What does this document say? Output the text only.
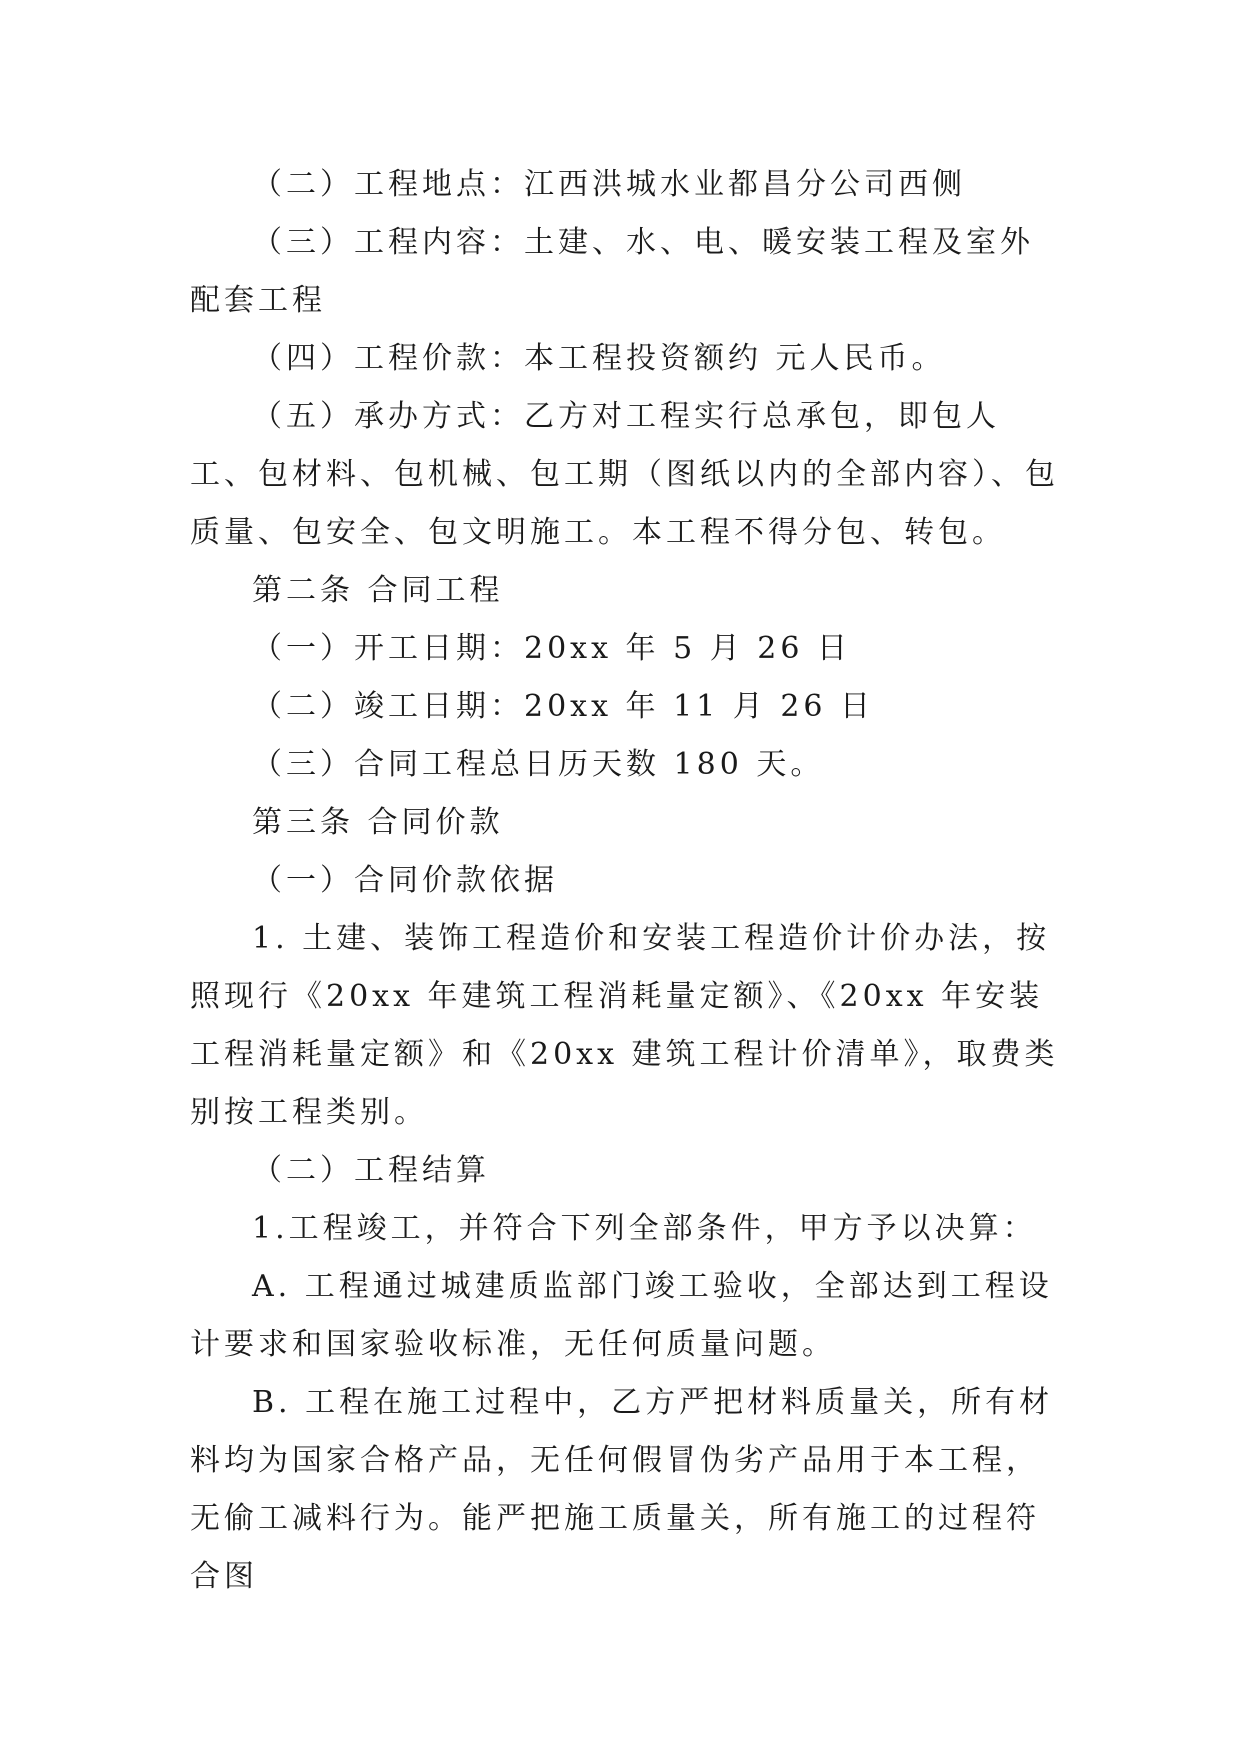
（二）工程地点：江西洪城水业都昌分公司西侧

（三）工程内容：土建、水、电、暖安装工程及室外配套工程

（四）工程价款：本工程投资额约 元人民币。

（五）承办方式：乙方对工程实行总承包，即包人工、包材料、包机械、包工期（图纸以内的全部内容）、包质量、包安全、包文明施工。本工程不得分包、转包。

第二条 合同工程

（一）开工日期：20xx 年 5 月 26 日

（二）竣工日期：20xx 年 11 月 26 日

（三）合同工程总日历天数 180 天。

第三条 合同价款

（一）合同价款依据

1. 土建、装饰工程造价和安装工程造价计价办法，按照现行《20xx 年建筑工程消耗量定额》、《20xx 年安装工程消耗量定额》和《20xx 建筑工程计价清单》，取费类别按工程类别。

（二）工程结算

1.工程竣工，并符合下列全部条件，甲方予以决算：

A. 工程通过城建质监部门竣工验收，全部达到工程设计要求和国家验收标准，无任何质量问题。

B. 工程在施工过程中，乙方严把材料质量关，所有材料均为国家合格产品，无任何假冒伪劣产品用于本工程，无偷工减料行为。能严把施工质量关，所有施工的过程符合图
